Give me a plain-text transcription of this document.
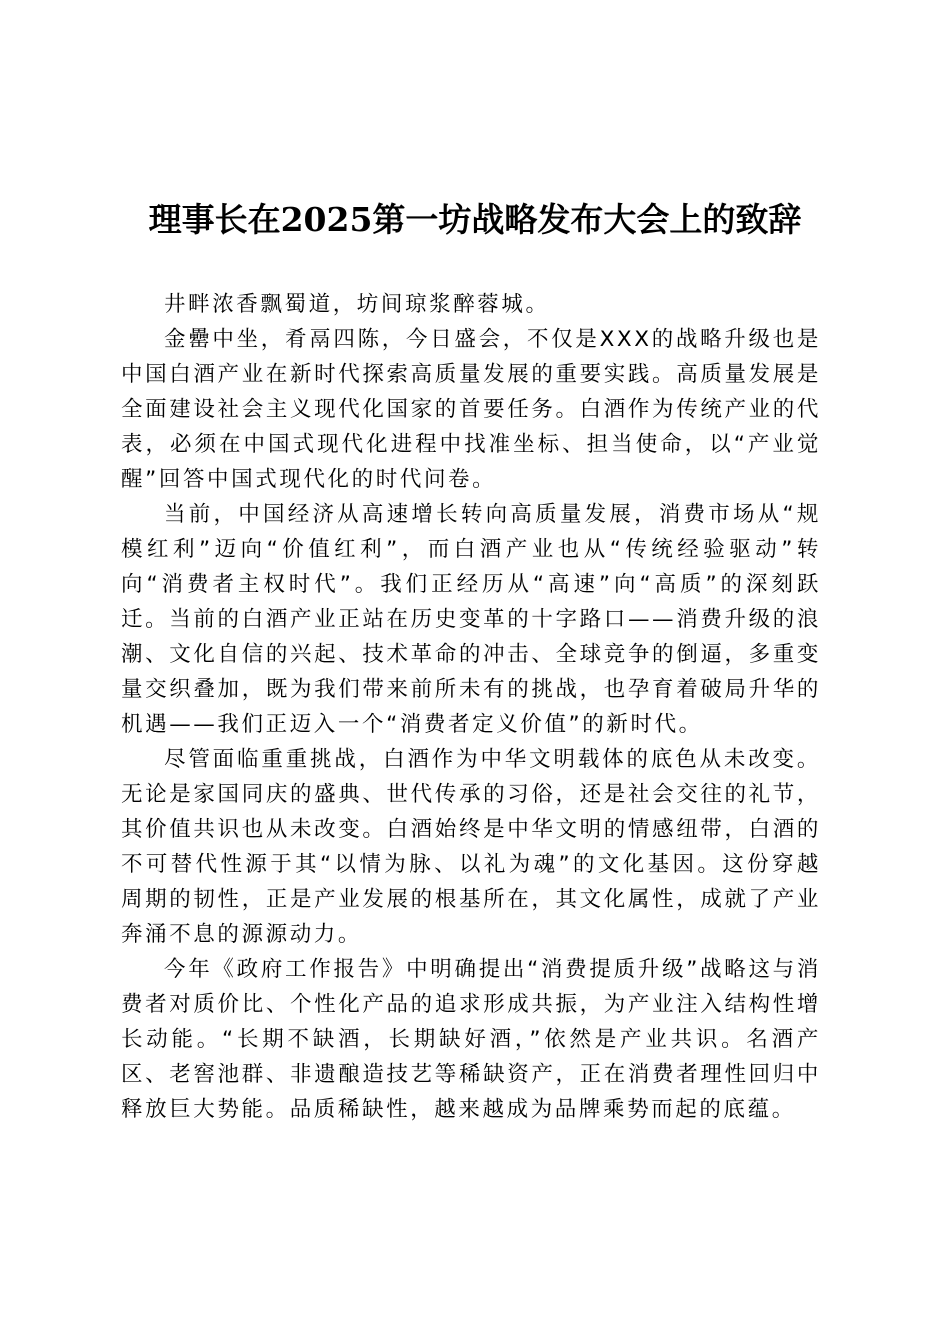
理事长在2025第一坊战略发布大会上的致辞

井畔浓香飘蜀道，坊间琼浆醉蓉城。

金罍中坐，肴鬲四陈，今日盛会，不仅是XXX的战略升级也是中国白酒产业在新时代探索高质量发展的重要实践。高质量发展是全面建设社会主义现代化国家的首要任务。白酒作为传统产业的代表，必须在中国式现代化进程中找准坐标、担当使命，以“产业觉醒”回答中国式现代化的时代问卷。

当前，中国经济从高速增长转向高质量发展，消费市场从“规模红利”迈向“价值红利”，而白酒产业也从“传统经验驱动”转向“消费者主权时代”。我们正经历从“高速”向“高质”的深刻跃迁。当前的白酒产业正站在历史变革的十字路口——消费升级的浪潮、文化自信的兴起、技术革命的冲击、全球竞争的倒逼，多重变量交织叠加，既为我们带来前所未有的挑战，也孕育着破局升华的机遇——我们正迈入一个“消费者定义价值”的新时代。

尽管面临重重挑战，白酒作为中华文明载体的底色从未改变。无论是家国同庆的盛典、世代传承的习俗，还是社会交往的礼节，其价值共识也从未改变。白酒始终是中华文明的情感纽带，白酒的不可替代性源于其“以情为脉、以礼为魂”的文化基因。这份穿越周期的韧性，正是产业发展的根基所在，其文化属性，成就了产业奔涌不息的源源动力。

今年《政府工作报告》中明确提出“消费提质升级”战略这与消费者对质价比、个性化产品的追求形成共振，为产业注入结构性增长动能。“长期不缺酒，长期缺好酒，”依然是产业共识。名酒产区、老窖池群、非遗酿造技艺等稀缺资产，正在消费者理性回归中释放巨大势能。品质稀缺性，越来越成为品牌乘势而起的底蕴。
